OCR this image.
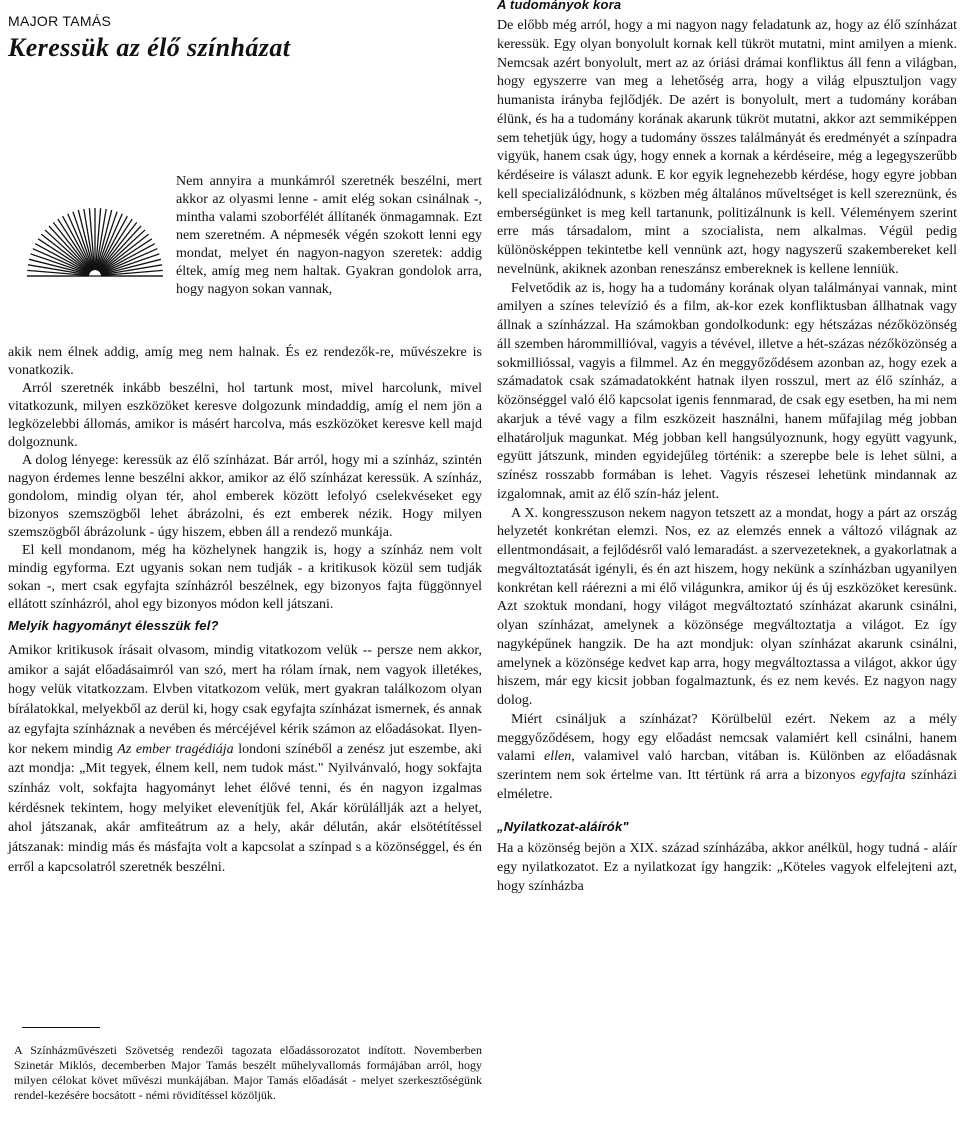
MAJOR TAMÁS
Keressük az élő színházat

Nem annyira a munkámról szeretnék beszélni, mert akkor az olyasmi lenne - amit elég sokan csinálnak -, mintha valami szoborfélét állítanék önmagamnak. Ezt nem szeretném. A népmesék végén szokott lenni egy mondat, melyet én nagyon-nagyon szeretek: addig éltek, amíg meg nem haltak. Gyakran gondolok arra, hogy nagyon sokan vannak,

akik nem élnek addig, amíg meg nem halnak. És ez rendezők-re, művészekre is vonatkozik.

Arról szeretnék inkább beszélni, hol tartunk most, mivel harcolunk, mivel vitatkozunk, milyen eszközöket keresve dolgozunk mindaddig, amíg el nem jön a legközelebbi állomás, amikor is másért harcolva, más eszközöket keresve kell majd dolgoznunk.

A dolog lényege: keressük az élő színházat. Bár arról, hogy mi a színház, szintén nagyon érdemes lenne beszélni akkor, amikor az élő színházat keressük. A színház, gondolom, mindig olyan tér, ahol emberek között lefolyó cselekvéseket egy bizonyos szemszögből lehet ábrázolni, és ezt emberek nézik. Hogy milyen szemszögből ábrázolunk - úgy hiszem, ebben áll a rendező munkája.

El kell mondanom, még ha közhelynek hangzik is, hogy a színház nem volt mindig egyforma. Ezt ugyanis sokan nem tudják - a kritikusok közül sem tudják sokan -, mert csak egyfajta színházról beszélnek, egy bizonyos fajta függönnyel ellátott színházról, ahol egy bizonyos módon kell játszani.

Melyik hagyományt élesszük fel?

Amikor kritikusok írásait olvasom, mindig vitatkozom velük -- persze nem akkor, amikor a saját előadásaimról van szó, mert ha rólam írnak, nem vagyok illetékes, hogy velük vitatkozzam. Elvben vitatkozom velük, mert gyakran találkozom olyan bírálatokkal, melyekből az derül ki, hogy csak egyfajta színházat ismernek, és annak az egyfajta színháznak a nevében és mércéjével kérik számon az előadásokat. Ilyen-kor nekem mindig Az ember tragédiája londoni színéből a zenész jut eszembe, aki azt mondja: „Mit tegyek, élnem kell, nem tudok mást." Nyilvánvaló, hogy sokfajta színház volt, sokfajta hagyományt lehet élővé tenni, és én nagyon izgalmas kérdésnek tekintem, hogy melyiket elevenítjük fel, Akár körülállják azt a helyet, ahol játszanak, akár amfiteátrum az a hely, akár délután, akár elsötétítéssel játszanak: mindig más és másfajta volt a kapcsolat a színpad s a közönséggel, és én erről a kapcsolatról szeretnék beszélni.

A Színházművészeti Szövetség rendezői tagozata előadássorozatot indított. Novemberben Szinetár Miklós, decemberben Major Tamás beszélt műhelyvallomás formájában arról, hogy milyen célokat követ művészi munkájában. Major Tamás előadását - melyet szerkesztőségünk rendel-kezésére bocsátott - némi rövidítéssel közöljük.
A tudományok kora

De előbb még arról, hogy a mi nagyon nagy feladatunk az, hogy az élő színházat keressük. Egy olyan bonyolult kornak kell tükröt mutatni, mint amilyen a mienk. Nemcsak azért bonyolult, mert az az óriási drámai konfliktus áll fenn a világban, hogy egyszerre van meg a lehetőség arra, hogy a világ elpusztuljon vagy humanista irányba fejlődjék. De azért is bonyolult, mert a tudomány korában élünk, és ha a tudomány korának akarunk tükröt mutatni, akkor azt semmiképpen sem tehetjük úgy, hogy a tudomány összes találmányát és eredményét a színpadra vigyük, hanem csak úgy, hogy ennek a kornak a kérdéseire, még a legegyszerűbb kérdéseire is választ adunk. E kor egyik legnehezebb kérdése, hogy egyre jobban kell specializálódnunk, s közben még általános műveltséget is kell szereznünk, és emberségünket is meg kell tartanunk, politizálnunk is kell. Véleményem szerint erre más társadalom, mint a szocialista, nem alkalmas. Végül pedig különösképpen tekintetbe kell vennünk azt, hogy nagyszerű szakembereket kell nevelnünk, akiknek azonban reneszánsz embereknek is kellene lenniük.

Felvetődik az is, hogy ha a tudomány korának olyan találmányai vannak, mint amilyen a színes televízió és a film, ak-kor ezek konfliktusban állhatnak vagy állnak a színházzal. Ha számokban gondolkodunk: egy hétszázas nézőközönség áll szemben hárommillióval, vagyis a tévével, illetve a hét-százas nézőközönség a sokmillióssal, vagyis a filmmel. Az én meggyőződésem azonban az, hogy ezek a számadatok csak számadatokként hatnak ilyen rosszul, mert az élő színház, a közönséggel való élő kapcsolat igenis fennmarad, de csak egy esetben, ha mi nem akarjuk a tévé vagy a film eszközeit használni, hanem műfajilag még jobban elhatároljuk magunkat. Még jobban kell hangsúlyoznunk, hogy együtt vagyunk, együtt játszunk, minden egyidejűleg történik: a szerepbe bele is lehet sülni, a színész rosszabb formában is lehet. Vagyis részesei lehetünk mindannak az izgalomnak, amit az élő szín-ház jelent.

A X. kongresszuson nekem nagyon tetszett az a mondat, hogy a párt az ország helyzetét konkrétan elemzi. Nos, ez az elemzés ennek a változó világnak az ellentmondásait, a fejlődésről való lemaradást. a szervezeteknek, a gyakorlatnak a megváltoztatását igényli, és én azt hiszem, hogy nekünk a színházban ugyanilyen konkrétan kell ráérezni a mi élő világunkra, amikor új és új eszközöket keresünk. Azt szoktuk mondani, hogy világot megváltoztató színházat akarunk csinálni, olyan színházat, amelynek a közönsége megváltoztatja a világot. Ez így nagyképűnek hangzik. De ha azt mondjuk: olyan színházat akarunk csinálni, amelynek a közönsége kedvet kap arra, hogy megváltoztassa a világot, akkor úgy hiszem, már egy kicsit jobban fogalmaztunk, és ez nem kevés. Ez nagyon nagy dolog.

Miért csináljuk a színházat? Körülbelül ezért. Nekem az a mély meggyőződésem, hogy egy előadást nemcsak valamiért kell csinálni, hanem valami ellen, valamivel való harcban, vitában is. Különben az előadásnak szerintem nem sok értelme van. Itt tértünk rá arra a bizonyos egyfajta színházi elméletre.

„Nyilatkozat-aláírók"

Ha a közönség bejön a XIX. század színházába, akkor anélkül, hogy tudná - aláír egy nyilatkozatot. Ez a nyilatkozat így hangzik: „Köteles vagyok elfelejteni azt, hogy színházba
